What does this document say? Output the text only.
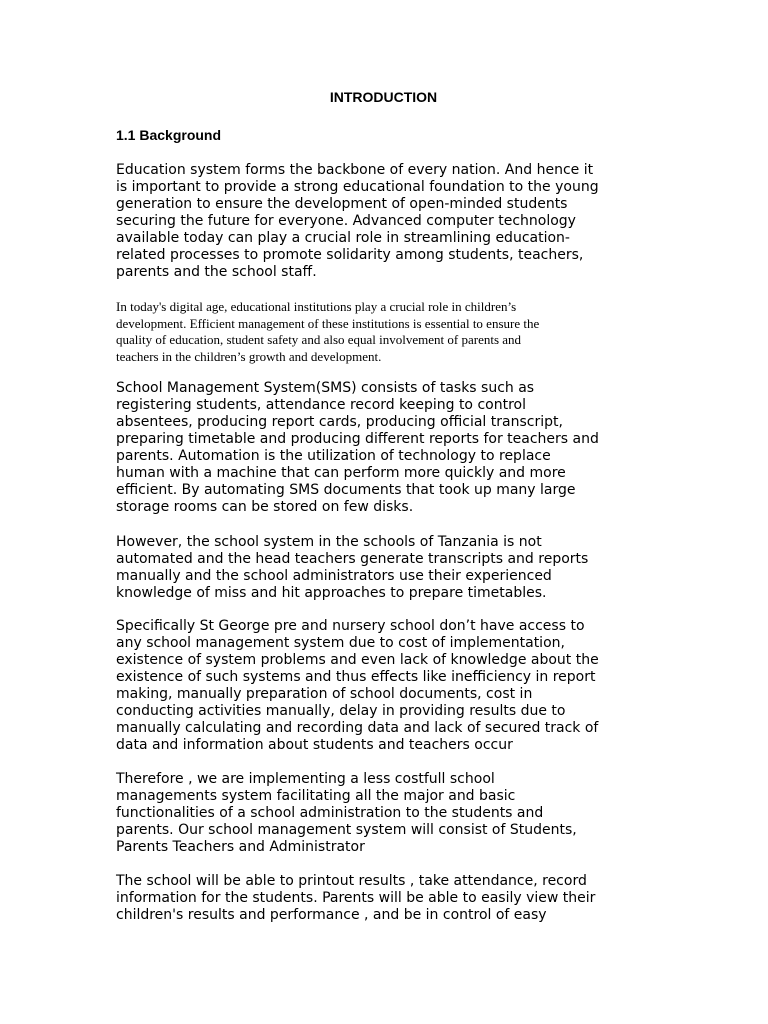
INTRODUCTION
1.1 Background
Education system forms the backbone of every nation. And hence it
is important to provide a strong educational foundation to the young
generation to ensure the development of open-minded students
securing the future for everyone. Advanced computer technology
available today can play a crucial role in streamlining education-
related processes to promote solidarity among students, teachers,
parents and the school staff.
In today's digital age, educational institutions play a crucial role in children’s
development. Efficient management of these institutions is essential to ensure the
quality of education, student safety and also equal involvement of parents and
teachers in the children’s growth and development.
School Management System(SMS) consists of tasks such as
registering students, attendance record keeping to control
absentees, producing report cards, producing official transcript,
preparing timetable and producing different reports for teachers and
parents. Automation is the utilization of technology to replace
human with a machine that can perform more quickly and more
efficient. By automating SMS documents that took up many large
storage rooms can be stored on few disks.
However, the school system in the schools of Tanzania is not
automated and the head teachers generate transcripts and reports
manually and the school administrators use their experienced
knowledge of miss and hit approaches to prepare timetables.
Specifically St George pre and nursery school don’t have access to
any school management system due to cost of implementation,
existence of system problems and even lack of knowledge about the
existence of such systems and thus effects like inefficiency in report
making, manually preparation of school documents, cost in
conducting activities manually, delay in providing results due to
manually calculating and recording data and lack of secured track of
data and information about students and teachers occur
Therefore , we are implementing a less costfull school
managements system facilitating all the major and basic
functionalities of a school administration to the students and
parents. Our school management system will consist of Students,
Parents Teachers and Administrator
The school will be able to printout results , take attendance, record
information for the students. Parents will be able to easily view their
children's results and performance , and be in control of easy
